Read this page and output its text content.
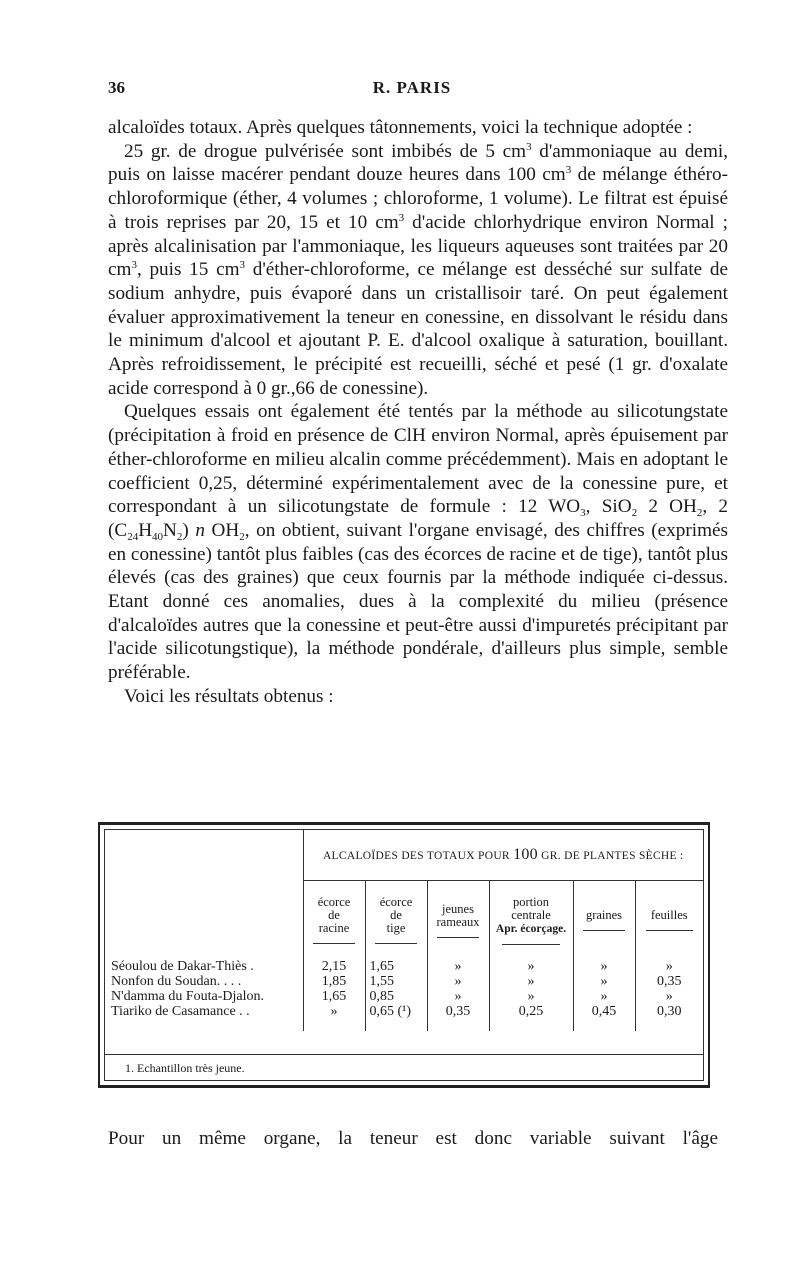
36	R. PARIS

alcaloïdes totaux. Après quelques tâtonnements, voici la technique adoptée :

25 gr. de drogue pulvérisée sont imbibés de 5 $cm^3$ d'ammoniaque au demi, puis on laisse macérer pendant douze heures dans 100 $cm^3$ de mélange éthéro-chloroformique (éther, 4 volumes ; chloroforme, 1 volume). Le filtrat est épuisé à trois reprises par 20, 15 et 10 $cm^3$ d'acide chlorhydrique environ Normal ; après alcalinisation par l'ammoniaque, les liqueurs aqueuses sont traitées par 20 $cm^3$, puis 15 $cm^3$ d'éther-chloroforme, ce mélange est desséché sur sulfate de sodium anhydre, puis évaporé dans un cristallisoir taré. On peut également évaluer approximativement la teneur en conessine, en dissolvant le résidu dans le minimum d'alcool et ajoutant P. E. d'alcool oxalique à saturation, bouillant. Après refroidissement, le précipité est recueilli, séché et pesé (1 gr. d'oxalate acide correspond à 0 gr.,66 de conessine).

Quelques essais ont également été tentés par la méthode au silicotungstate (précipitation à froid en présence de ClH environ Normal, après épuisement par éther-chloroforme en milieu alcalin comme précédemment). Mais en adoptant le coefficient 0,25, déterminé expérimentalement avec de la conessine pure, et correspondant à un silicotungstate de formule : 12 $WO_3$, SiO$_2$ 2 $OH_2$, 2 $(C_{24}H_{40}N_2)$ n $OH_2$, on obtient, suivant l'organe envisagé, des chiffres (exprimés en conessine) tantôt plus faibles (cas des écorces de racine et de tige), tantôt plus élevés (cas des graines) que ceux fournis par la méthode indiquée ci-dessus. Etant donné ces anomalies, dues à la complexité du milieu (présence d'alcaloïdes autres que la conessine et peut-être aussi d'impuretés précipitant par l'acide silicotungstique), la méthode pondérale, d'ailleurs plus simple, semble préférable.

Voici les résultats obtenus :

	ALCALOÏDES DES TOTAUX POUR 100 GR. DE PLANTES SÈCHE :					
	écorce
de
racine	écorce
de
tige	jeunes
rameaux	portion
centrale
Apr. écorçage.	graines	feuilles

Séoulou de Dakar-Thiès .	2,15	1,65	»	»	»	»
Nonfon du Soudan. . . .	1,85	1,55	»	»	»	0,35
N'damma du Fouta-Djalon.	1,65	0,85	»	»	»	»
Tiariko de Casamance . .	»	0,65 (¹)	0,35	0,25	0,45	0,30
1. Echantillon très jeune.
Pour un même organe, la teneur est donc variable suivant l'âge
